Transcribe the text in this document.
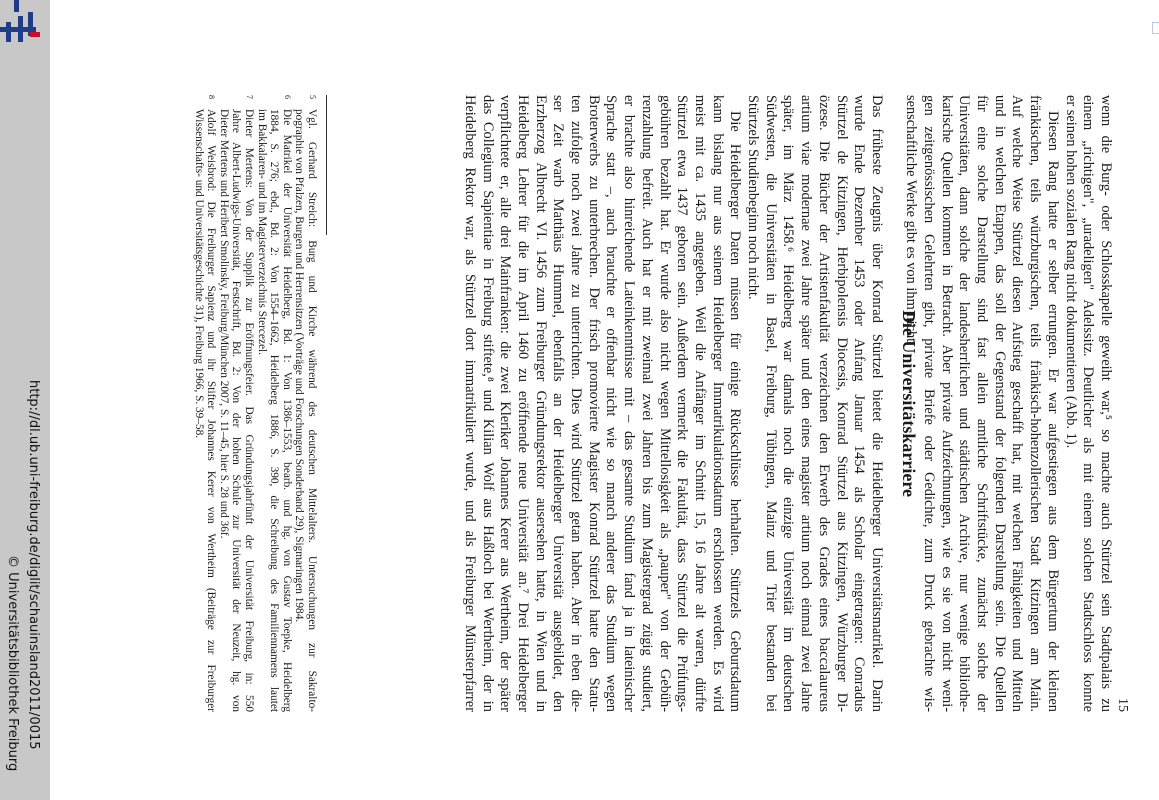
http://dl.ub.uni-freiburg.de/diglit/schauinsland2011/0015
© Universitätsbibliothek Freiburg	15

wenn die Burg- oder Schlosskapelle geweiht war,⁵ so machte auch Stürtzel sein Stadtpalais zu

einem „richtigen", „uradeligen" Adelssitz. Deutlicher als mit einem solchen Stadtschloss konnte

er seinen hohen sozialen Rang nicht dokumentieren (Abb. 1).

Diesen Rang hatte er selber errungen. Er war aufgestiegen aus dem Bürgertum der kleinen

fränkischen, teils würzburgischen, teils fränkisch-hohenzollerischen Stadt Kitzingen am Main.

Auf welche Weise Stürtzel diesen Aufstieg geschafft hat, mit welchen Fähigkeiten und Mitteln

und in welchen Etappen, das soll der Gegenstand der folgenden Darstellung sein. Die Quellen

für eine solche Darstellung sind fast allein amtliche Schriftstücke, zunächst solche der

Universitäten, dann solche der landesherrlichen und städtischen Archive, nur wenige bibliothe-

karische Quellen kommen in Betracht. Aber private Aufzeichnungen, wie es sie von nicht weni-

gen zeitgenössischen Gelehrten gibt, private Briefe oder Gedichte, zum Druck gebrachte wis-

senschaftliche Werke gibt es von ihm nicht.

Die Universitätskarriere

Das früheste Zeugnis über Konrad Stürtzel bietet die Heidelberger Universitätsmatrikel. Darin

wurde Ende Dezember 1453 oder Anfang Januar 1454 als Scholar eingetragen: Conradus

Stürtzel de Kitzingen, Herbipolensis Diocesis, Konrad Stürtzel aus Kitzingen, Würzburger Di-

özese. Die Bücher der Artistenfakultät verzeichnen den Erwerb des Grades eines baccalaureus

artium viae modernae zwei Jahre später und den eines magister artium noch einmal zwei Jahre

später, im März 1458.⁶ Heidelberg war damals noch die einzige Universität im deutschen

Südwesten, die Universitäten in Basel, Freiburg, Tübingen, Mainz und Trier bestanden bei

Stürtzels Studienbeginn noch nicht.

Die Heidelberger Daten müssen für einige Rückschlüsse herhalten. Stürtzels Geburtsdatum

kann bislang nur aus seinem Heidelberger Immatrikulationsdatum erschlossen werden. Es wird

meist mit ca. 1435 angegeben. Weil die Anfänger im Schnitt 15, 16 Jahre alt waren, dürfte

Stürtzel etwa 1437 geboren sein. Außerdem vermerkt die Fakultät, dass Stürtzel die Prüfungs-

gebühren bezahlt hat. Er wurde also nicht wegen Mittellosigkeit als „pauper" von der Gebüh-

renzahlung befreit. Auch hat er mit zweimal zwei Jahren bis zum Magistergrad zügig studiert,

er brachte also hinreichende Lateinkenntnisse mit – das gesamte Studium fand ja in lateinischer

Sprache statt –, auch brauchte er offenbar nicht wie so manch anderer das Studium wegen

Broterwerbs zu unterbrechen. Der frisch promovierte Magister Konrad Stürtzel hatte den Statu-

ten zufolge noch zwei Jahre zu unterrichten. Dies wird Stürtzel getan haben. Aber in eben die-

ser Zeit warb Matthäus Hummel, ebenfalls an der Heidelberger Universität ausgebildet, den

Erzherzog Albrecht VI. 1456 zum Freiburger Gründungsrektor ausersehen hatte, in Wien und in

Heidelberg Lehrer für die im April 1460 zu eröffnende neue Universität an.⁷ Drei Heidelberger

verpflichtete er, alle drei Mainfranken: die zwei Kleriker Johannes Kerer aus Wertheim, der später

das Collegium Sapientiae in Freiburg stiftete,⁸ und Kilian Wolf aus Haßloch bei Wertheim, der in

Heidelberg Rektor war, als Stürtzel dort immatrikuliert wurde, und als Freiburger Münsterpfarrer

5Vgl. Gerhard Streich: Burg und Kirche während des deutschen Mittelalters. Untersuchungen zur Sakralto-

pographie von Pfalzen, Burgen und Herrensitzen (Vorträge und Forschungen Sonderband 29), Sigmaringen 1984.

6Die Matrikel der Universität Heidelberg, Bd. 1: Von 1386–1553, bearb. und hg. von Gustav Toepke, Heidelberg

1884, S. 276; ebd., Bd. 2: Von 1554–1662, Heidelberg 1886, S. 390, die Schreibung des Familiennamens lautet

im Bakkalaren- und im Magisterverzeichnis Stercezel.

7Dieter Mertens: Von der Supplik zur Eröffnungsfeier. Das Gründungsjahrfünft der Universität Freiburg, in: 550

Jahre Albert-Ludwigs-Universität, Festschrift, Bd. 2: Von der hohen Schule zur Universität der Neuzeit, hg. von

Dieter Mertens und Heribert Smolinsky, Freiburg/München 2007, S. 11–45, hier S. 28 und 36f.

8Adolf Weisbrod: Die Freiburger Sapienz und ihr Stifter Johannes Kerer von Wertheim (Beiträge zur Freiburger

Wissenschafts- und Universitätsgeschichte 31), Freiburg 1966, S. 39–58.
